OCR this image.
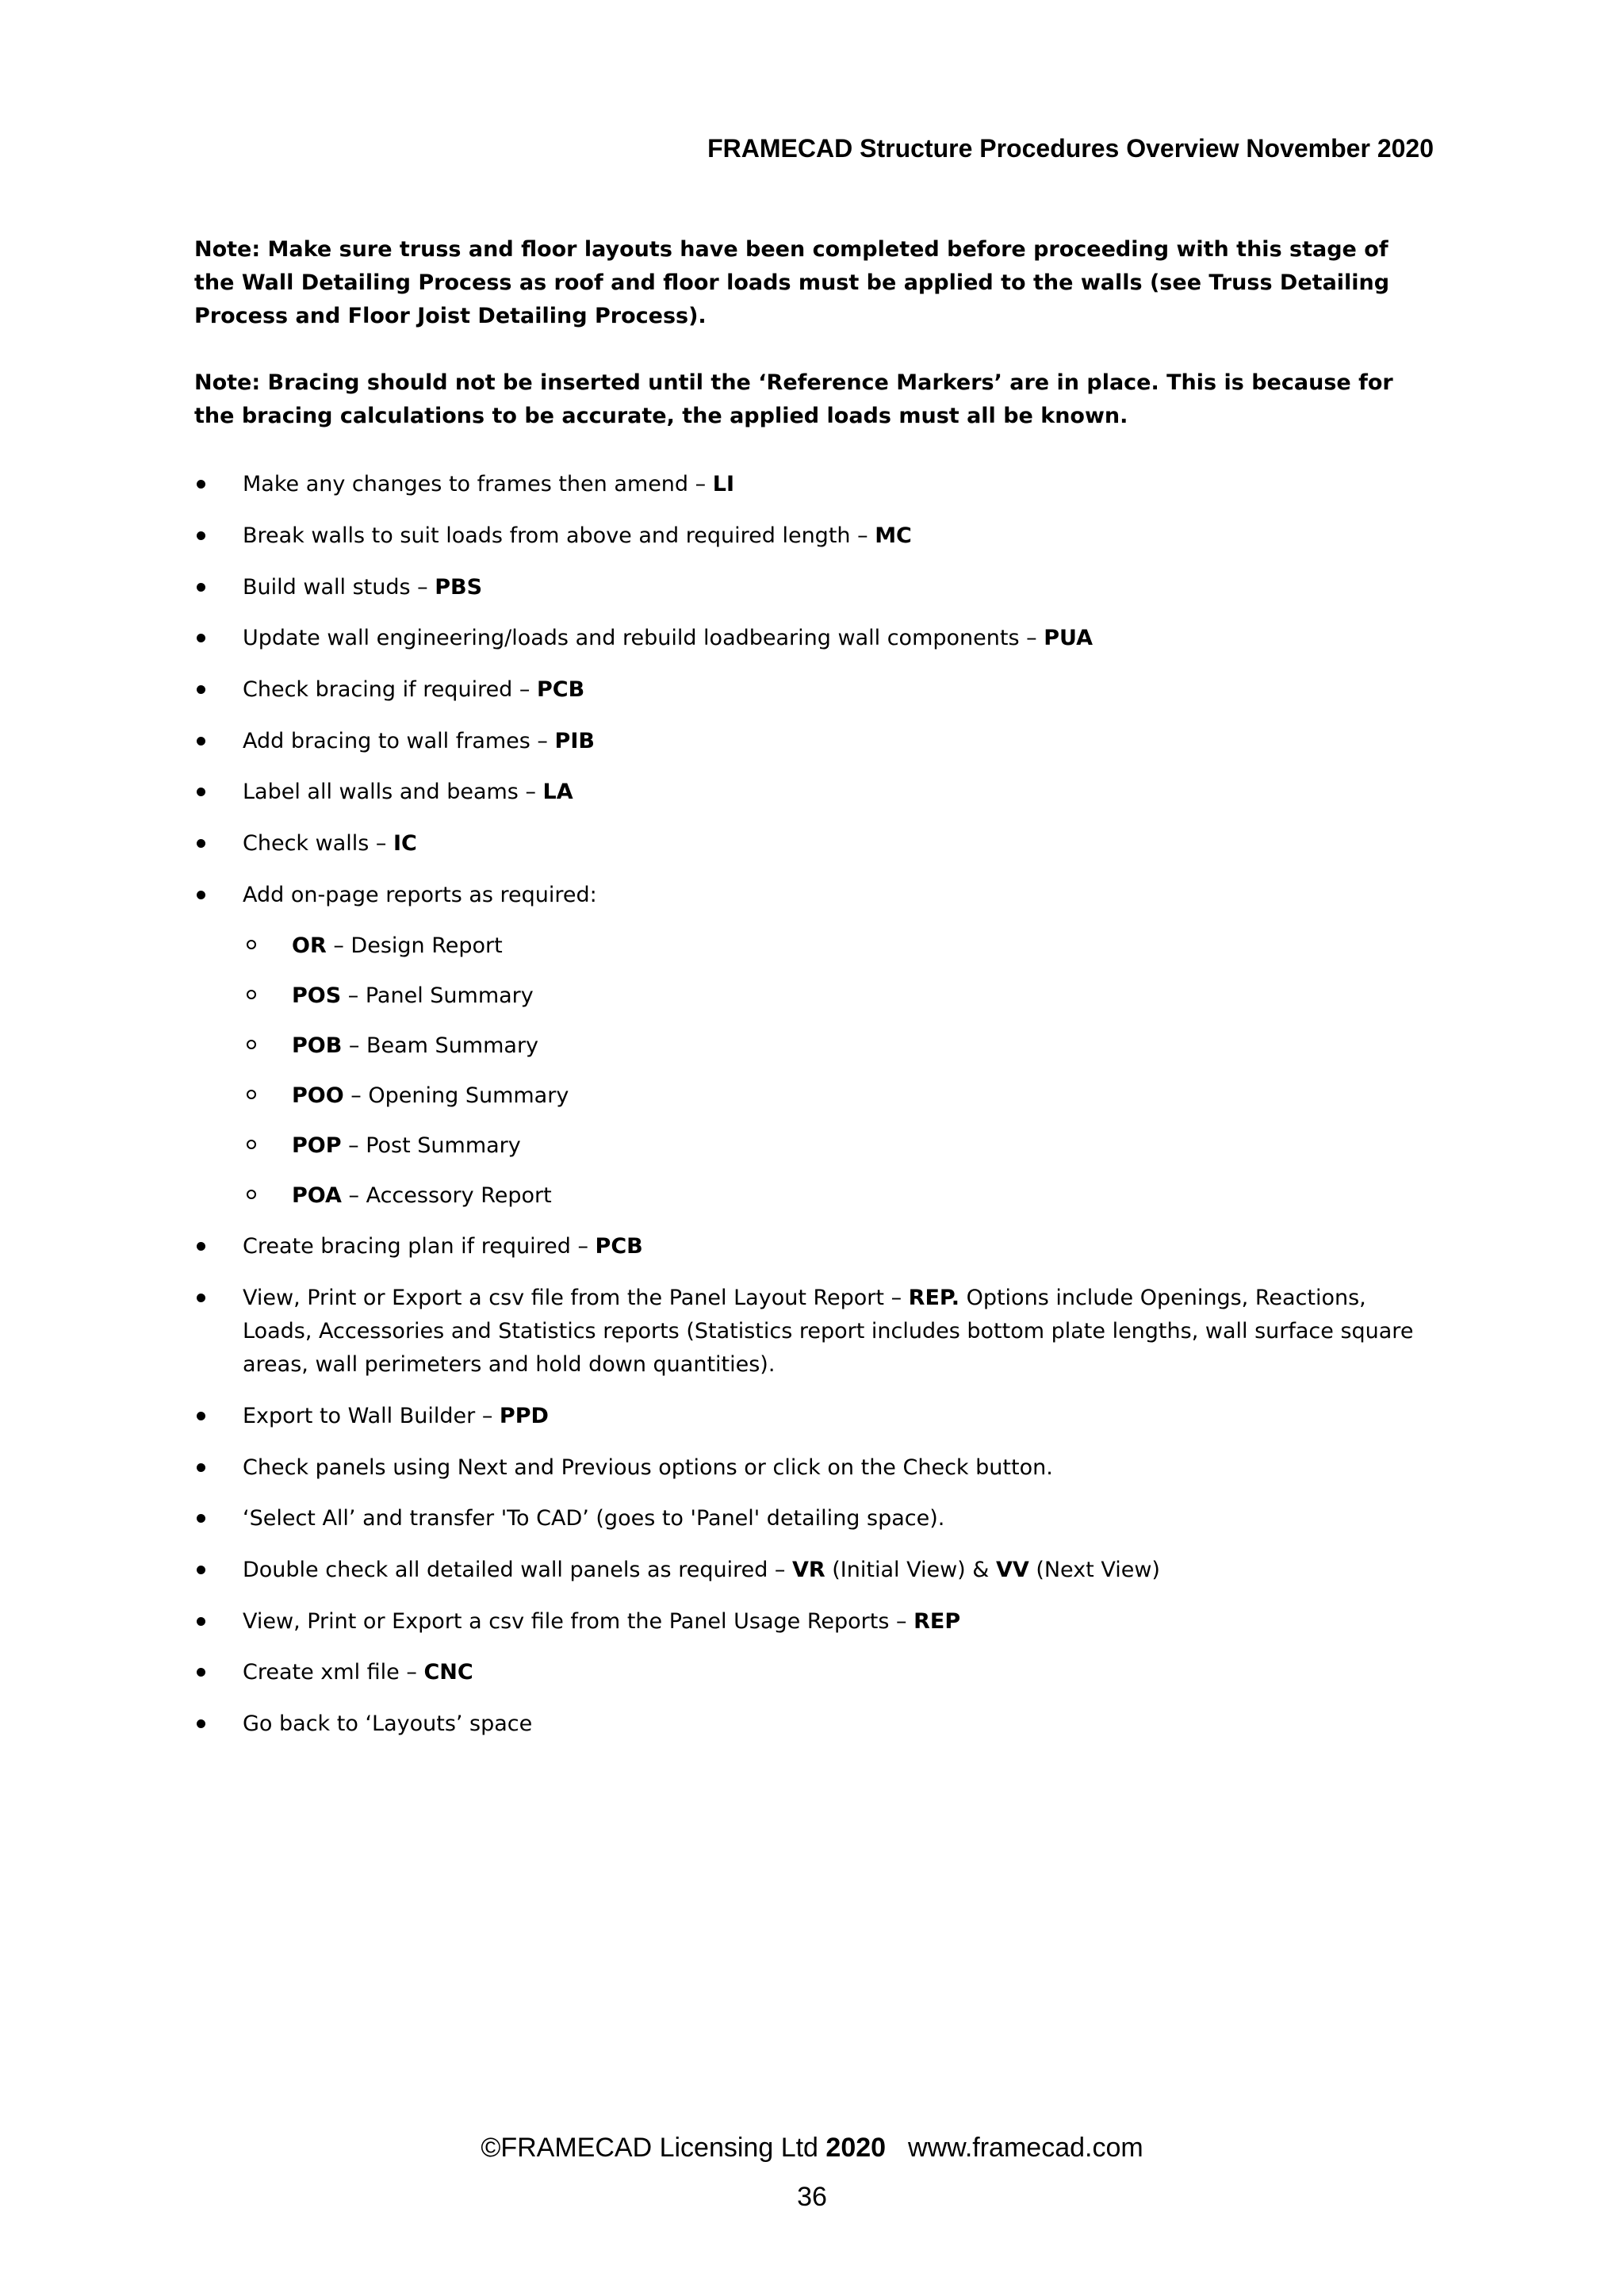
FRAMECAD Structure Procedures Overview November 2020

Note: Make sure truss and floor layouts have been completed before proceeding with this stage of the Wall Detailing Process as roof and floor loads must be applied to the walls (see Truss Detailing Process and Floor Joist Detailing Process).

Note: Bracing should not be inserted until the ‘Reference Markers’ are in place. This is because for the bracing calculations to be accurate, the applied loads must all be known.

Make any changes to frames then amend – LI
Break walls to suit loads from above and required length – MC
Build wall studs – PBS
Update wall engineering/loads and rebuild loadbearing wall components – PUA
Check bracing if required – PCB
Add bracing to wall frames – PIB
Label all walls and beams – LA
Check walls – IC
Add on-page reports as required:
OR – Design Report
POS – Panel Summary
POB – Beam Summary
POO – Opening Summary
POP – Post Summary
POA – Accessory Report
Create bracing plan if required – PCB
View, Print or Export a csv file from the Panel Layout Report – REP. Options include Openings, Reactions, Loads, Accessories and Statistics reports (Statistics report includes bottom plate lengths, wall surface square areas, wall perimeters and hold down quantities).
Export to Wall Builder – PPD
Check panels using Next and Previous options or click on the Check button.
‘Select All’ and transfer 'To CAD’ (goes to 'Panel' detailing space).
Double check all detailed wall panels as required – VR (Initial View) & VV (Next View)
View, Print or Export a csv file from the Panel Usage Reports – REP
Create xml file – CNC
Go back to ‘Layouts’ space
©FRAMECAD Licensing Ltd 2020 www.framecad.com
36
